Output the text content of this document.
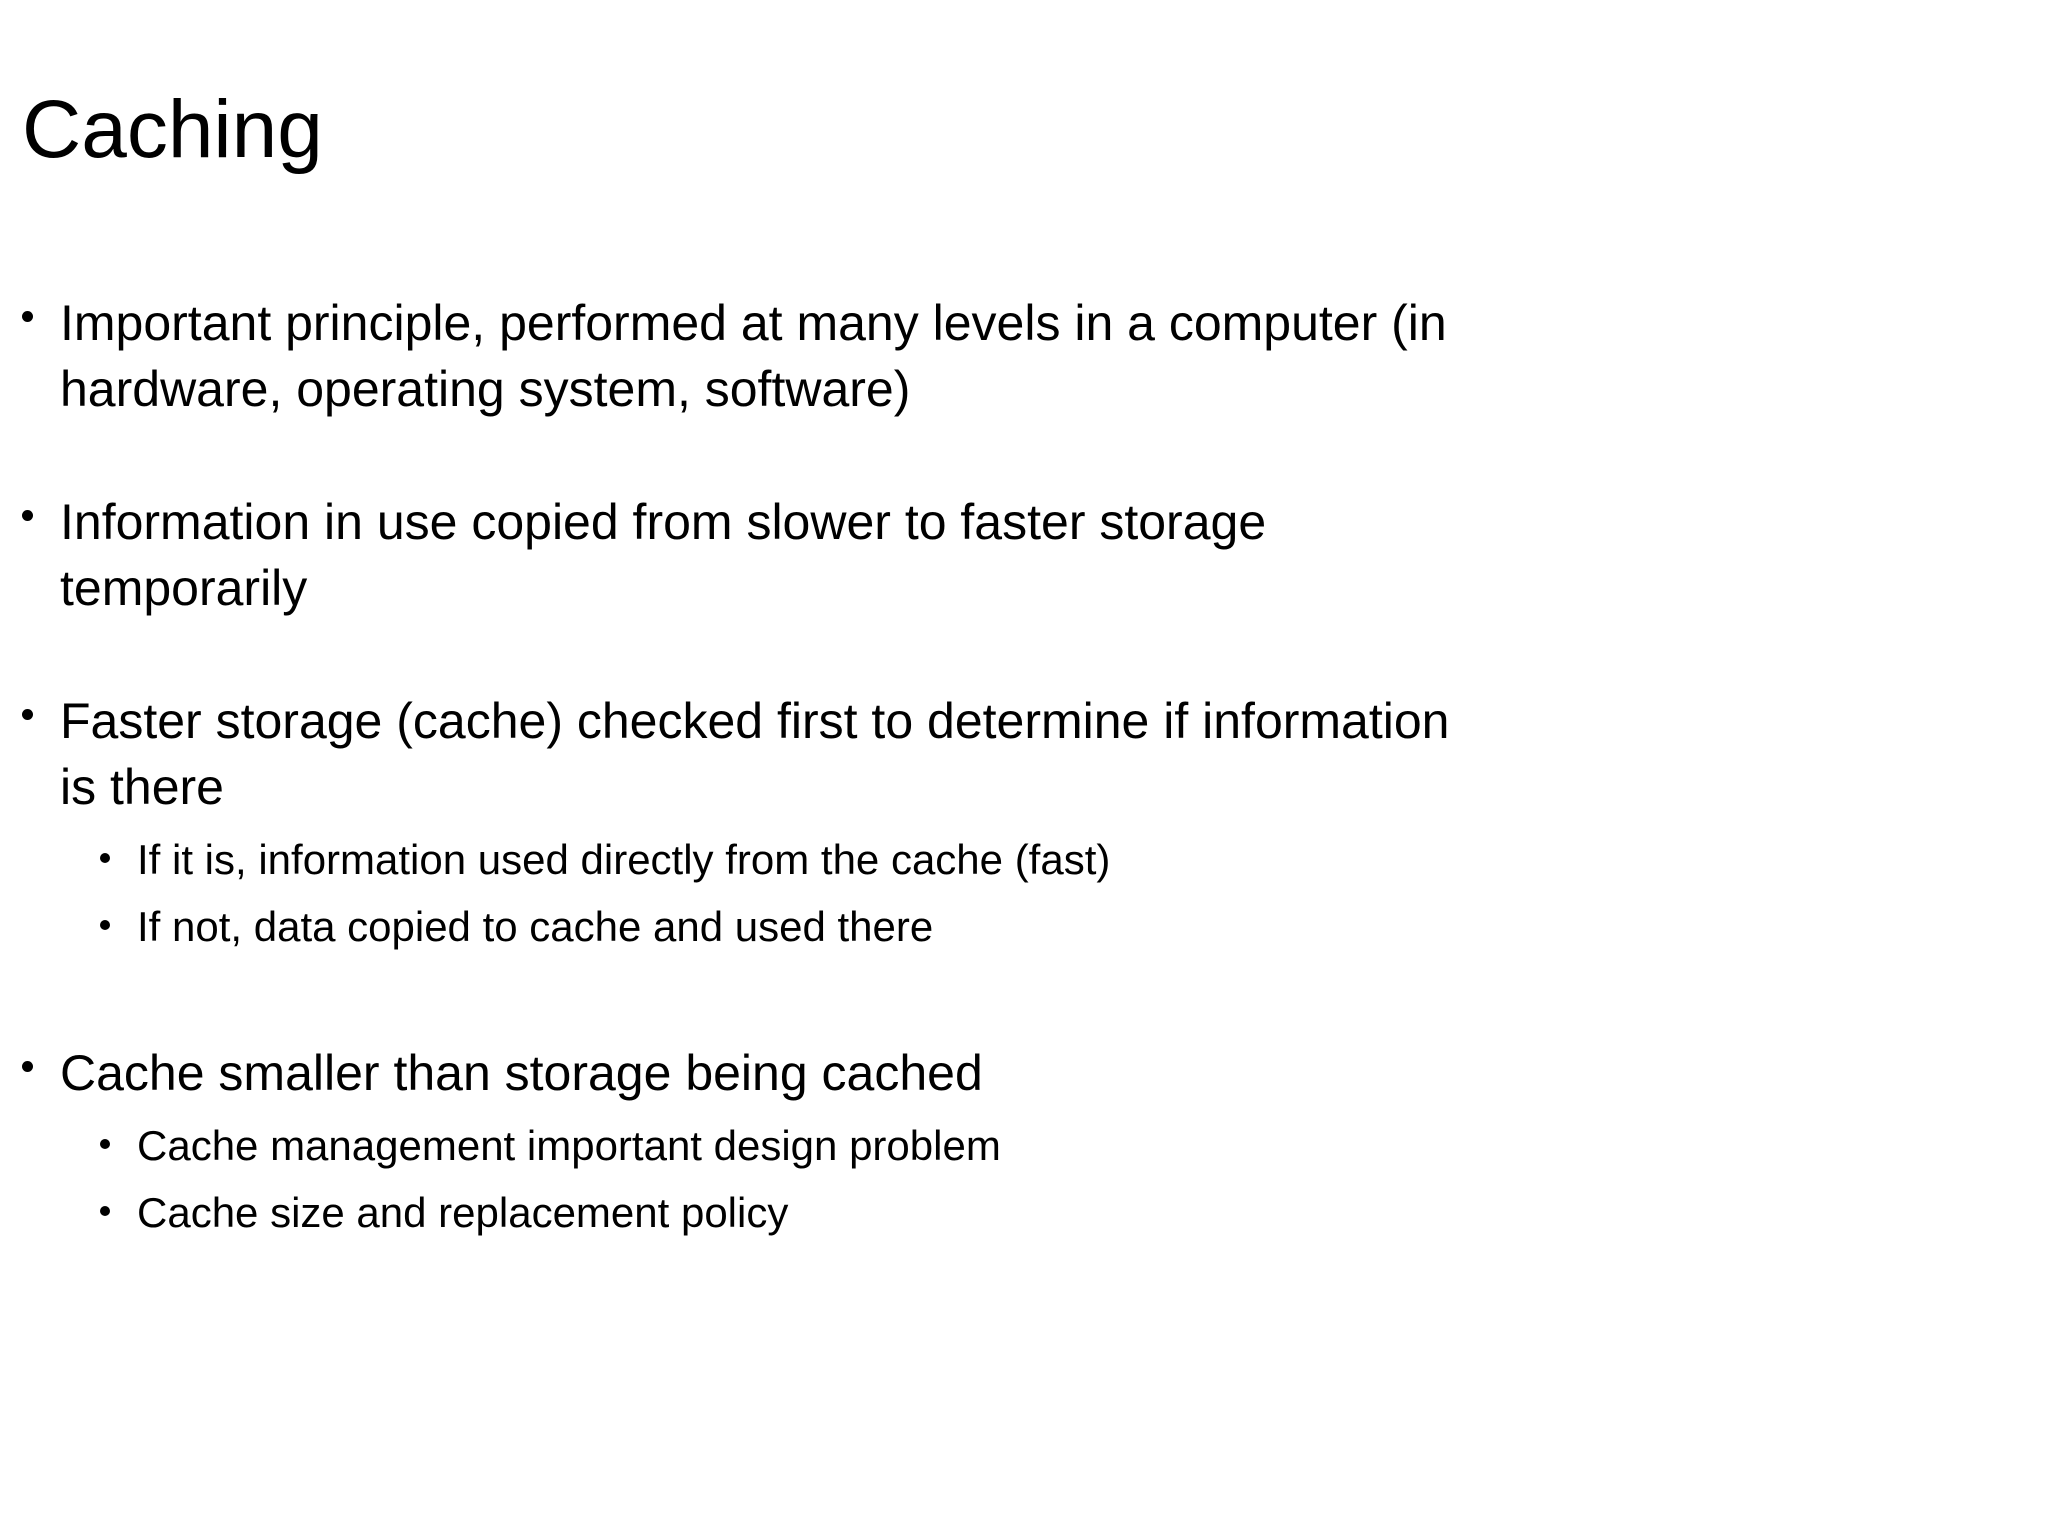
Caching
Important principle, performed at many levels in a computer (in
hardware, operating system, software)
Information in use copied from slower to faster storage
temporarily
Faster storage (cache) checked first to determine if information
is there
If it is, information used directly from the cache (fast)
If not, data copied to cache and used there
Cache smaller than storage being cached
Cache management important design problem
Cache size and replacement policy
